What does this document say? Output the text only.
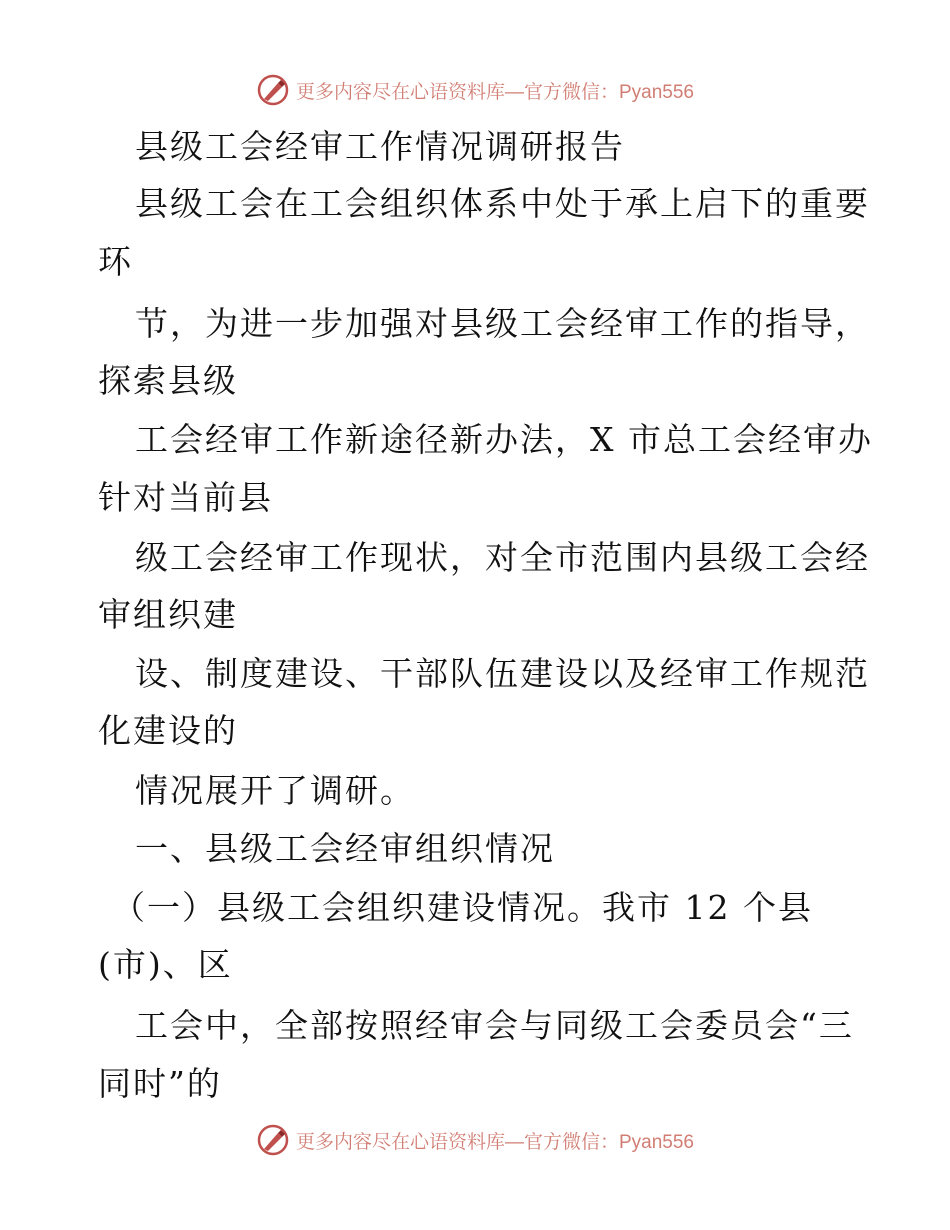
更多内容尽在心语资料库—官方微信：Pyan556
县级工会经审工作情况调研报告
县级工会在工会组织体系中处于承上启下的重要
环
节，为进一步加强对县级工会经审工作的指导，
探索县级
工会经审工作新途径新办法，X 市总工会经审办
针对当前县
级工会经审工作现状，对全市范围内县级工会经
审组织建
设、制度建设、干部队伍建设以及经审工作规范
化建设的
情况展开了调研。
一、县级工会经审组织情况
（一）县级工会组织建设情况。我市 12 个县
(市)、区
工会中，全部按照经审会与同级工会委员会“三
同时”的
更多内容尽在心语资料库—官方微信：Pyan556
